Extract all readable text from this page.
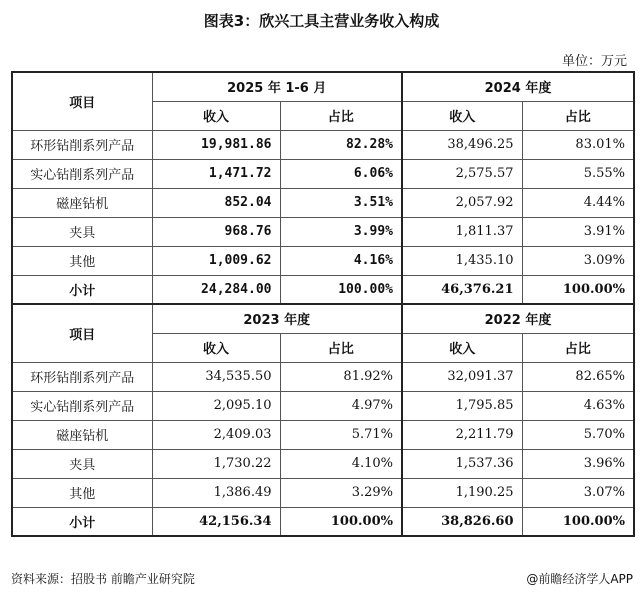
图表3：欣兴工具主营业务收入构成
单位：万元
项目	2025 年 1-6 月		2024 年度	
	收入	占比	收入	占比
环形钻削系列产品	19,981.86	82.28%	38,496.25	83.01%
实心钻削系列产品	1,471.72	6.06%	2,575.57	5.55%
磁座钻机	852.04	3.51%	2,057.92	4.44%
夹具	968.76	3.99%	1,811.37	3.91%
其他	1,009.62	4.16%	1,435.10	3.09%
小计	24,284.00	100.00%	46,376.21	100.00%
项目	2023 年度		2022 年度	
	收入	占比	收入	占比
环形钻削系列产品	34,535.50	81.92%	32,091.37	82.65%
实心钻削系列产品	2,095.10	4.97%	1,795.85	4.63%
磁座钻机	2,409.03	5.71%	2,211.79	5.70%
夹具	1,730.22	4.10%	1,537.36	3.96%
其他	1,386.49	3.29%	1,190.25	3.07%
小计	42,156.34	100.00%	38,826.60	100.00%
资料来源：招股书 前瞻产业研究院	@前瞻经济学人APP
